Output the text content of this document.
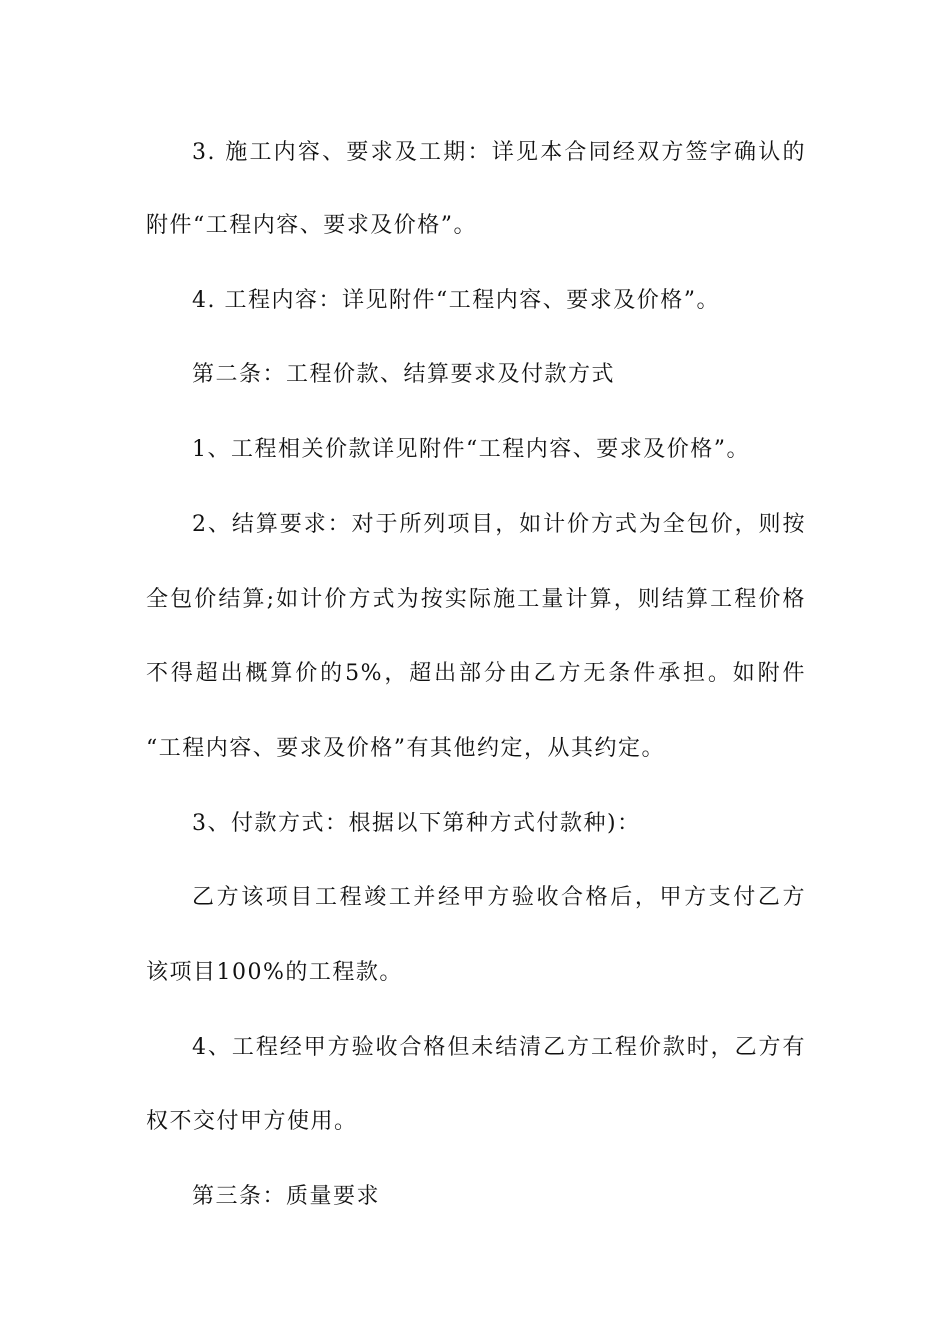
3. 施工内容、要求及工期：详见本合同经双方签字确认的
附件“工程内容、要求及价格”。
4. 工程内容：详见附件“工程内容、要求及价格”。
第二条：工程价款、结算要求及付款方式
1、工程相关价款详见附件“工程内容、要求及价格”。
2、结算要求：对于所列项目，如计价方式为全包价，则按
全包价结算;如计价方式为按实际施工量计算，则结算工程价格
不得超出概算价的5%，超出部分由乙方无条件承担。如附件
“工程内容、要求及价格”有其他约定，从其约定。
3、付款方式：根据以下第种方式付款种)：
乙方该项目工程竣工并经甲方验收合格后，甲方支付乙方
该项目100%的工程款。
4、工程经甲方验收合格但未结清乙方工程价款时，乙方有
权不交付甲方使用。
第三条：质量要求
